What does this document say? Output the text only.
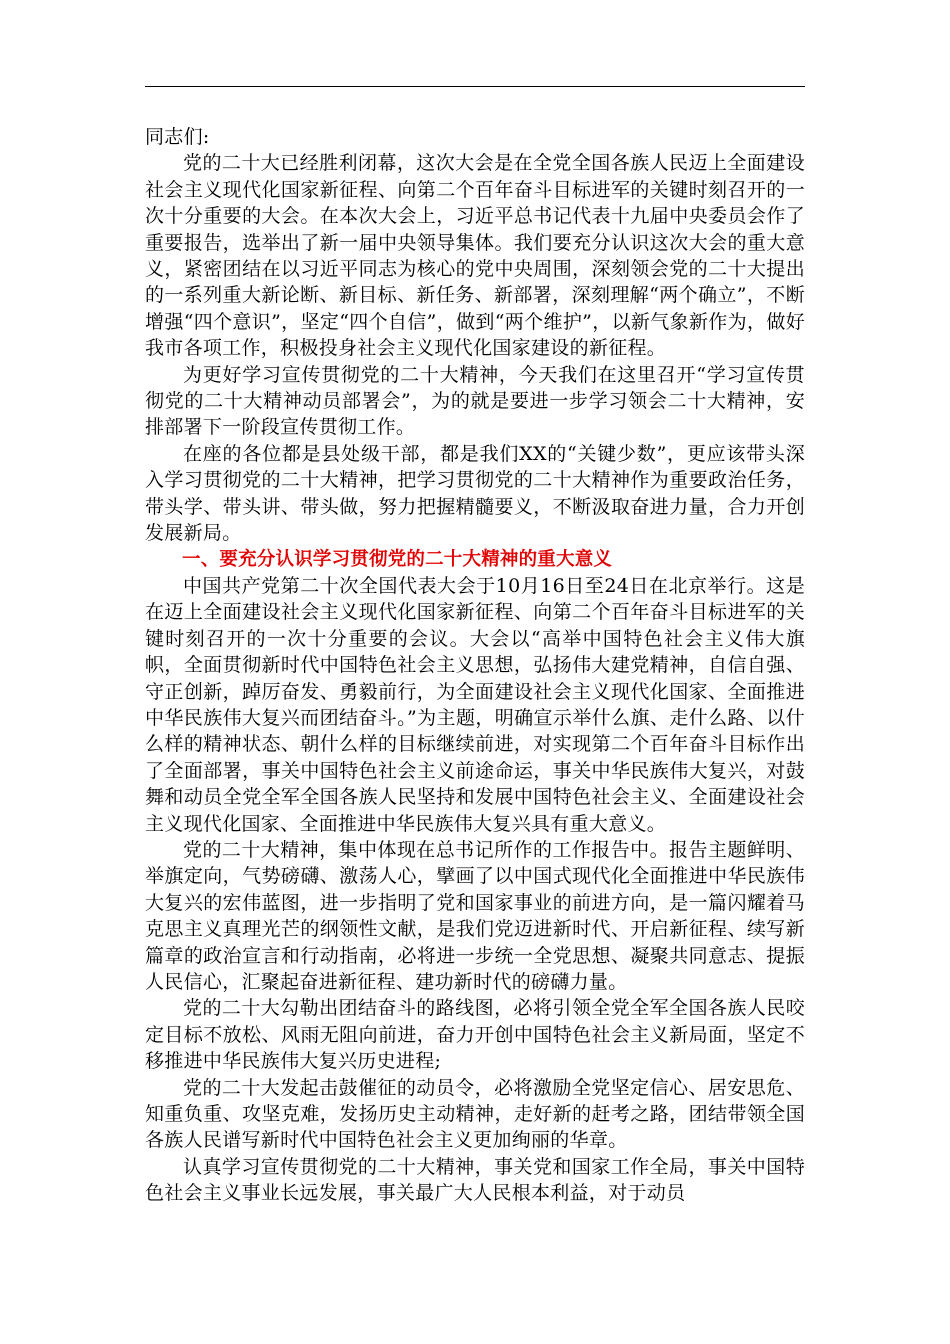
同志们:

党的二十大已经胜利闭幕，这次大会是在全党全国各族人民迈上全面建设社会主义现代化国家新征程、向第二个百年奋斗目标进军的关键时刻召开的一次十分重要的大会。在本次大会上，习近平总书记代表十九届中央委员会作了重要报告，选举出了新一届中央领导集体。我们要充分认识这次大会的重大意义，紧密团结在以习近平同志为核心的党中央周围，深刻领会党的二十大提出的一系列重大新论断、新目标、新任务、新部署，深刻理解“两个确立”，不断增强“四个意识”，坚定“四个自信”，做到“两个维护”，以新气象新作为，做好我市各项工作，积极投身社会主义现代化国家建设的新征程。

为更好学习宣传贯彻党的二十大精神，今天我们在这里召开“学习宣传贯彻党的二十大精神动员部署会”，为的就是要进一步学习领会二十大精神，安排部署下一阶段宣传贯彻工作。

在座的各位都是县处级干部，都是我们XX的“关键少数”，更应该带头深入学习贯彻党的二十大精神，把学习贯彻党的二十大精神作为重要政治任务，带头学、带头讲、带头做，努力把握精髓要义，不断汲取奋进力量，合力开创发展新局。

一、要充分认识学习贯彻党的二十大精神的重大意义

中国共产党第二十次全国代表大会于10月16日至24日在北京举行。这是在迈上全面建设社会主义现代化国家新征程、向第二个百年奋斗目标进军的关键时刻召开的一次十分重要的会议。大会以“高举中国特色社会主义伟大旗帜，全面贯彻新时代中国特色社会主义思想，弘扬伟大建党精神，自信自强、守正创新，踔厉奋发、勇毅前行，为全面建设社会主义现代化国家、全面推进中华民族伟大复兴而团结奋斗。”为主题，明确宣示举什么旗、走什么路、以什么样的精神状态、朝什么样的目标继续前进，对实现第二个百年奋斗目标作出了全面部署，事关中国特色社会主义前途命运，事关中华民族伟大复兴，对鼓舞和动员全党全军全国各族人民坚持和发展中国特色社会主义、全面建设社会主义现代化国家、全面推进中华民族伟大复兴具有重大意义。

党的二十大精神，集中体现在总书记所作的工作报告中。报告主题鲜明、举旗定向，气势磅礴、激荡人心，擘画了以中国式现代化全面推进中华民族伟大复兴的宏伟蓝图，进一步指明了党和国家事业的前进方向，是一篇闪耀着马克思主义真理光芒的纲领性文献，是我们党迈进新时代、开启新征程、续写新篇章的政治宣言和行动指南，必将进一步统一全党思想、凝聚共同意志、提振人民信心，汇聚起奋进新征程、建功新时代的磅礴力量。

党的二十大勾勒出团结奋斗的路线图，必将引领全党全军全国各族人民咬定目标不放松、风雨无阻向前进，奋力开创中国特色社会主义新局面，坚定不移推进中华民族伟大复兴历史进程;

党的二十大发起击鼓催征的动员令，必将激励全党坚定信心、居安思危、知重负重、攻坚克难，发扬历史主动精神，走好新的赶考之路，团结带领全国各族人民谱写新时代中国特色社会主义更加绚丽的华章。

认真学习宣传贯彻党的二十大精神，事关党和国家工作全局，事关中国特色社会主义事业长远发展，事关最广大人民根本利益，对于动员
